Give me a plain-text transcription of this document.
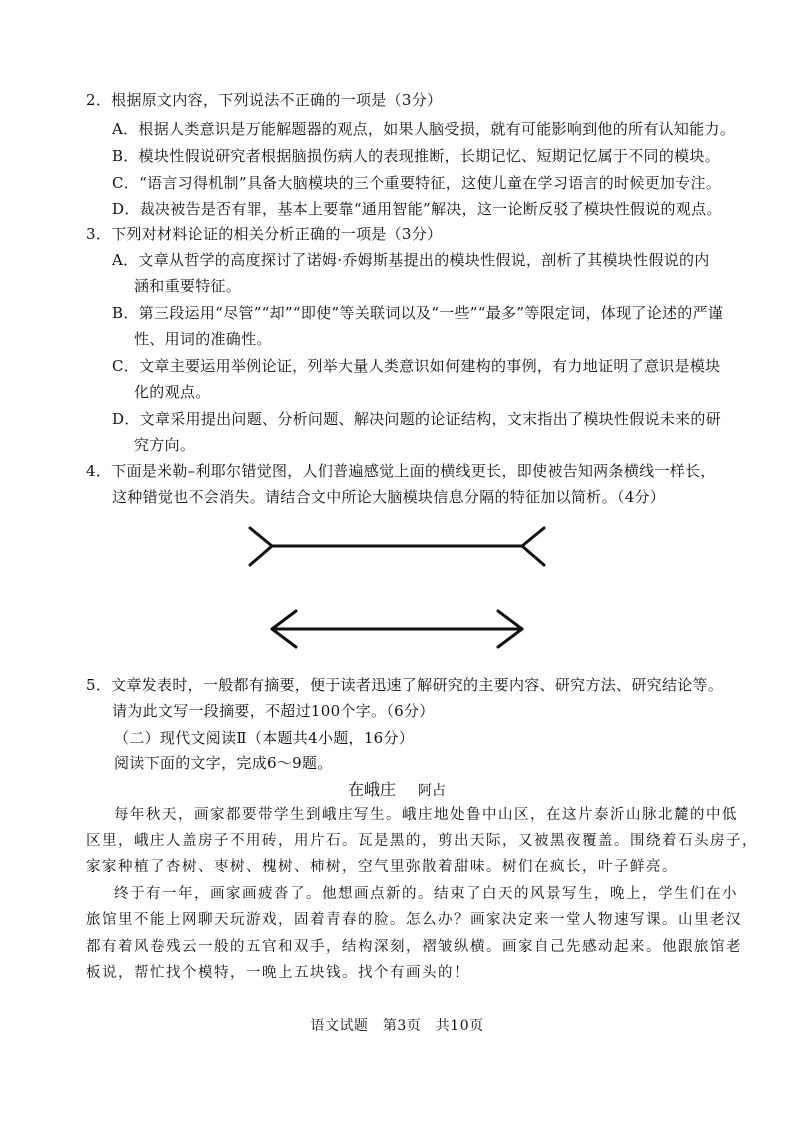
2．根据原文内容，下列说法不正确的一项是（3分）
A．根据人类意识是万能解题器的观点，如果人脑受损，就有可能影响到他的所有认知能力。
B．模块性假说研究者根据脑损伤病人的表现推断，长期记忆、短期记忆属于不同的模块。
C．“语言习得机制”具备大脑模块的三个重要特征，这使儿童在学习语言的时候更加专注。
D．裁决被告是否有罪，基本上要靠“通用智能”解决，这一论断反驳了模块性假说的观点。
3．下列对材料论证的相关分析正确的一项是（3分）
A．文章从哲学的高度探讨了诺姆·乔姆斯基提出的模块性假说，剖析了其模块性假说的内
涵和重要特征。
B．第三段运用“尽管”“却”“即使”等关联词以及“一些”“最多”等限定词，体现了论述的严谨
性、用词的准确性。
C．文章主要运用举例论证，列举大量人类意识如何建构的事例，有力地证明了意识是模块
化的观点。
D．文章采用提出问题、分析问题、解决问题的论证结构，文末指出了模块性假说未来的研
究方向。
4．下面是米勒–利耶尔错觉图，人们普遍感觉上面的横线更长，即使被告知两条横线一样长，
这种错觉也不会消失。请结合文中所论大脑模块信息分隔的特征加以简析。（4分）
5．文章发表时，一般都有摘要，便于读者迅速了解研究的主要内容、研究方法、研究结论等。
请为此文写一段摘要，不超过100个字。（6分）
（二）现代文阅读Ⅱ（本题共4小题，16分）
阅读下面的文字，完成6～9题。
在峨庄 阿占
每年秋天，画家都要带学生到峨庄写生。峨庄地处鲁中山区，在这片泰沂山脉北麓的中低
区里，峨庄人盖房子不用砖，用片石。瓦是黑的，剪出天际，又被黑夜覆盖。围绕着石头房子，
家家种植了杏树、枣树、槐树、柿树，空气里弥散着甜味。树们在疯长，叶子鲜亮。
终于有一年，画家画疲沓了。他想画点新的。结束了白天的风景写生，晚上，学生们在小
旅馆里不能上网聊天玩游戏，固着青春的脸。怎么办？画家决定来一堂人物速写课。山里老汉
都有着风卷残云一般的五官和双手，结构深刻，褶皱纵横。画家自己先感动起来。他跟旅馆老
板说，帮忙找个模特，一晚上五块钱。找个有画头的！
语文试题　第3页　共10页
